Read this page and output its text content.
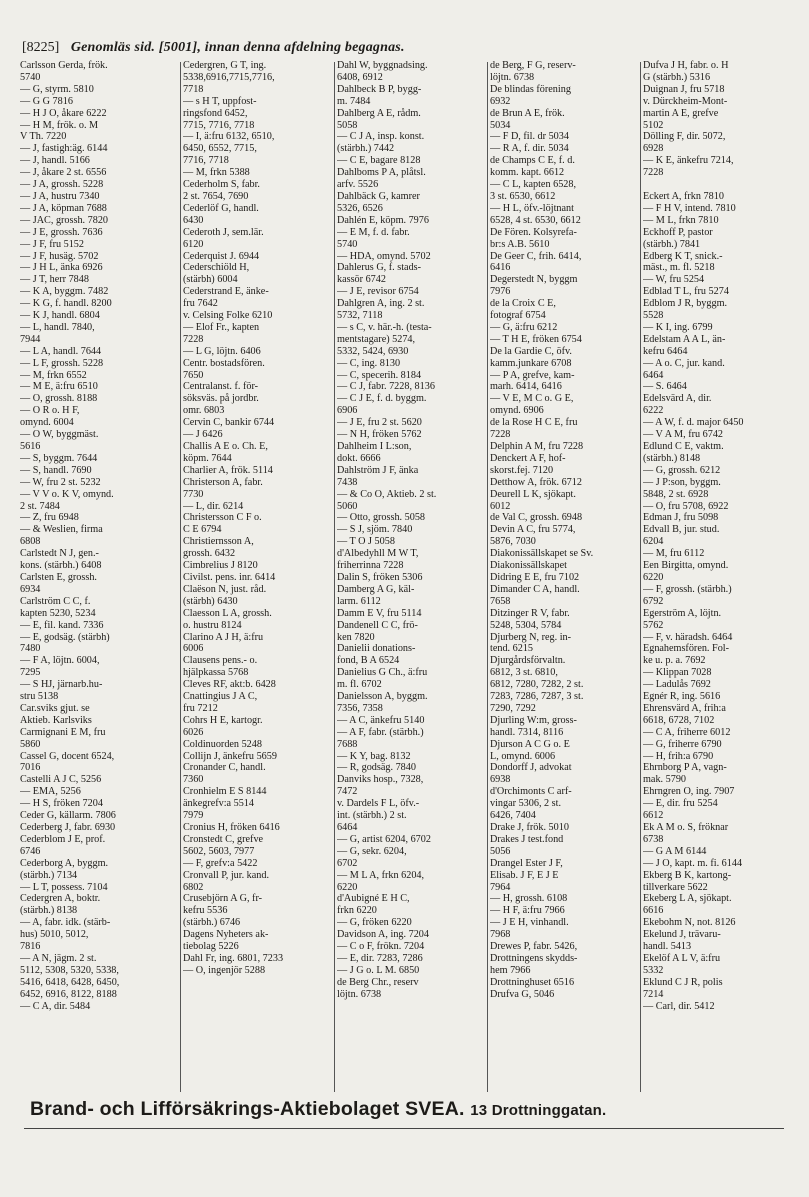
[8225] Genomläs sid. [5001], innan denna afdelning begagnas.
Carlsson Gerda, frök.
5740
— G, styrm. 5810
— G G 7816
— H J O, åkare 6222
— H M, frök. o. M
V Th. 7220
— J, fastigh:äg. 6144
— J, handl. 5166
— J, åkare 2 st. 6556
— J A, grossh. 5228
— J A, hustru 7340
— J A, köpman 7688
— JAC, grossh. 7820
— J E, grossh. 7636
— J F, fru 5152
— J F, husäg. 5702
— J H L, änka 6926
— J T, herr 7848
— K A, byggm. 7482
— K G, f. handl. 8200
— K J, handl. 6804
— L, handl. 7840,
7944
— L A, handl. 7644
— L F, grossh. 5228
— M, frkn 6552
— M E, ä:fru 6510
— O, grossh. 8188
— O R o. H F,
omynd. 6004
— O W, byggmäst.
5616
— S, byggm. 7644
— S, handl. 7690
— W, fru 2 st. 5232
— V V o. K V, omynd.
2 st. 7484
— Z, fru 6948
— & Weslien, firma
6808
Carlstedt N J, gen.-
kons. (stärbh.) 6408
Carlsten E, grossh.
6934
Carlström C C, f.
kapten 5230, 5234
— E, fil. kand. 7336
— E, godsäg. (stärbh)
7480
— F A, löjtn. 6004,
7295
— S HJ, järnarb.hu-
stru 5138
Car.sviks gjut. se
Aktieb. Karlsviks
Carmignani E M, fru
5860
Cassel G, docent 6524,
7016
Castelli A J C, 5256
— EMA, 5256
— H S, fröken 7204
Ceder G, källarm. 7806
Cederberg J, fabr. 6930
Cederblom J E, prof.
6746
Cederborg A, byggm.
(stärbh.) 7134
— L T, possess. 7104
Cedergren A, boktr.
(stärbh.) 8138
— A, fabr. idk. (stärb-
hus) 5010, 5012,
7816
— A N, jägm. 2 st.
5112, 5308, 5320, 5338,
5416, 6418, 6428, 6450,
6452, 6916, 8122, 8188
— C A, dir. 5484
Cedergren, G T, ing.
5338,6916,7715,7716,
7718
— s H T, uppfost-
ringsfond 6452,
7715, 7716, 7718
— I, ä:fru 6132, 6510,
6450, 6552, 7715,
7716, 7718
— M, frkn 5388
Cederholm S, fabr.
2 st. 7654, 7690
Cederlöf G, handl.
6430
Cederoth J, sem.lär.
6120
Cederquist J. 6944
Cederschiöld H,
(stärbh) 6004
Cederstrand E, änke-
fru 7642
v. Celsing Folke 6210
— Elof Fr., kapten
7228
— L G, löjtn. 6406
Centr. bostadsfören.
7650
Centralanst. f. för-
söksväs. på jordbr.
omr. 6803
Cervin C, bankir 6744
— J 6426
Challis A E o. Ch. E,
köpm. 7644
Charlier A, frök. 5114
Christerson A, fabr.
7730
— L, dir. 6214
Christersson C F o.
C E 6794
Christiernsson A,
grossh. 6432
Cimbrelius J 8120
Civilst. pens. inr. 6414
Claëson N, just. råd.
(stärbh) 6430
Claesson L A, grossh.
o. hustru 8124
Clarino A J H, ä:fru
6006
Clausens pens.- o.
hjälpkassa 5768
Cleves RF, akt:b. 6428
Cnattingius J A C,
fru 7212
Cohrs H E, kartogr.
6026
Coldinuorden 5248
Collijn J, änkefru 5659
Cronander C, handl.
7360
Cronhielm E S 8144
änkegrefv:a 5514
7979
Cronius H, fröken 6416
Cronstedt C, grefve
5602, 5603, 7977
— F, grefv:a 5422
Cronvall P, jur. kand.
6802
Crusebjörn A G, fr-
kefru 5536
(stärbh.) 6746
Dagens Nyheters ak-
tiebolag 5226
Dahl Fr, ing. 6801, 7233
— O, ingenjör 5288
Dahl W, byggnadsing.
6408, 6912
Dahlbeck B P, bygg-
m. 7484
Dahlberg A E, rådm.
5058
— C J A, insp. konst.
(stärbh.) 7442
— C E, bagare 8128
Dahlboms P A, plåtsl.
arfv. 5526
Dahlbäck G, kamrer
5326, 6526
Dahlén E, köpm. 7976
— E M, f. d. fabr.
5740
— HDA, omynd. 5702
Dahlerus G, f. stads-
kassör 6742
— J E, revisor 6754
Dahlgren A, ing. 2 st.
5732, 7118
— s C, v. här.-h. (testa-
mentstagare) 5274,
5332, 5424, 6930
— C, ing. 8130
— C, specerih. 8184
— C J, fabr. 7228, 8136
— C J E, f. d. byggm.
6906
— J E, fru 2 st. 5620
— N H, fröken 5762
Dahlheim I L:son,
dokt. 6666
Dahlström J F, änka
7438
— & Co O, Aktieb. 2 st.
5060
— Otto, grossh. 5058
— S J, sjöm. 7840
— T O J 5058
d'Albedyhll M W T,
friherrinna 7228
Dalin S, fröken 5306
Damberg A G, käl-
larm. 6112
Damm E V, fru 5114
Dandenell C C, frö-
ken 7820
Danielii donations-
fond, B A 6524
Danielius G Ch., ä:fru
m. fl. 6702
Danielsson A, byggm.
7356, 7358
— A C, änkefru 5140
— A F, fabr. (stärbh.)
7688
— K Y, bag. 8132
— R, godsäg. 7840
Danviks hosp., 7328,
7472
v. Dardels F L, öfv.-
int. (stärbh.) 2 st.
6464
— G, artist 6204, 6702
— G, sekr. 6204,
6702
— M L A, frkn 6204,
6220
d'Aubigné E H C,
frkn 6220
— G, fröken 6220
Davidson A, ing. 7204
— C o F, frökn. 7204
— E, dir. 7283, 7286
— J G o. L M. 6850
de Berg Chr., reserv
löjtn. 6738
de Berg, F G, reserv-
löjtn. 6738
De blindas förening
6932
de Brun A E, frök.
5034
— F D, fil. dr 5034
— R A, f. dir. 5034
de Champs C E, f. d.
komm. kapt. 6612
— C L, kapten 6528,
3 st. 6530, 6612
— H L, öfv.-löjtnant
6528, 4 st. 6530, 6612
De Fören. Kolsyrefa-
br:s A.B. 5610
De Geer C, frih. 6414,
6416
Degerstedt N, byggm
7976
de la Croix C E,
fotograf 6754
— G, ä:fru 6212
— T H E, fröken 6754
De la Gardie C, öfv.
kamm.junkare 6708
— P A, grefve, kam-
marh. 6414, 6416
— V E, M C o. G E,
omynd. 6906
de la Rose H C E, fru
7228
Delphin A M, fru 7228
Denckert A F, hof-
skorst.fej. 7120
Detthow A, frök. 6712
Deurell L K, sjökapt.
6012
de Val C, grossh. 6948
Devin A C, fru 5774,
5876, 7030
Diakonissällskapet se Sv.
Diakonissällskapet
Didring E E, fru 7102
Dimander C A, handl.
7658
Ditzinger R V, fabr.
5248, 5304, 5784
Djurberg N, reg. in-
tend. 6215
Djurgårdsförvaltn.
6812, 3 st. 6810,
6812, 7280, 7282, 2 st.
7283, 7286, 7287, 3 st.
7290, 7292
Djurling W:m, gross-
handl. 7314, 8116
Djurson A C G o. E
L, omynd. 6006
Dondorff J, advokat
6938
d'Orchimonts C arf-
vingar 5306, 2 st.
6426, 7404
Drake J, frök. 5010
Drakes J test.fond
5056
Drangel Ester J F,
Elisab. J F, E J E
7964
— H, grossh. 6108
— H F, ä:fru 7966
— J E H, vinhandl.
7968
Drewes P, fabr. 5426,
Drottningens skydds-
hem 7966
Drottninghuset 6516
Drufva G, 5046
Dufva J H, fabr. o. H
G (stärbh.) 5316
Duignan J, fru 5718
v. Dürckheim-Mont-
martin A E, grefve
5102
Dölling F, dir. 5072,
6928
— K E, änkefru 7214,
7228
Eckert A, frkn 7810
— F H V, intend. 7810
— M L, frkn 7810
Eckhoff P, pastor
(stärbh.) 7841
Edberg K T, snick.-
mäst., m. fl. 5218
— W, fru 5254
Edblad T L, fru 5274
Edblom J R, byggm.
5528
— K I, ing. 6799
Edelstam A A L, än-
kefru 6464
— A o. C, jur. kand.
6464
— S. 6464
Edelsvärd A, dir.
6222
— A W, f. d. major 6450
— V A M, fru 6742
Edlund C E, vaktm.
(stärbh.) 8148
— G, grossh. 6212
— J P:son, byggm.
5848, 2 st. 6928
— O, fru 5708, 6922
Edman J, fru 5098
Edvall B, jur. stud.
6204
— M, fru 6112
Een Birgitta, omynd.
6220
— F, grossh. (stärbh.)
6792
Egerström A, löjtn.
5762
— F, v. häradsh. 6464
Egnahemsfören. Fol-
ke u. p. a. 7692
— Klippan 7028
— Ladulås 7692
Egnér R, ing. 5616
Ehrensvärd A, frih:a
6618, 6728, 7102
— C A, friherre 6012
— G, friherre 6790
— H, frih:a 6790
Ehrnborg P A, vagn-
mak. 5790
Ehrngren O, ing. 7907
— E, dir. fru 5254
6612
Ek A M o. S, fröknar
6738
— G A M 6144
— J O, kapt. m. fi. 6144
Ekberg B K, kartong-
tillverkare 5622
Ekeberg L A, sjökapt.
6616
Ekebohm N, not. 8126
Ekelund J, trävaru-
handl. 5413
Ekelöf A L V, ä:fru
5332
Eklund C J R, polis
7214
— Carl, dir. 5412
Brand- och Lifförsäkrings-Aktiebolaget SVEA. 13 Drottninggatan.
